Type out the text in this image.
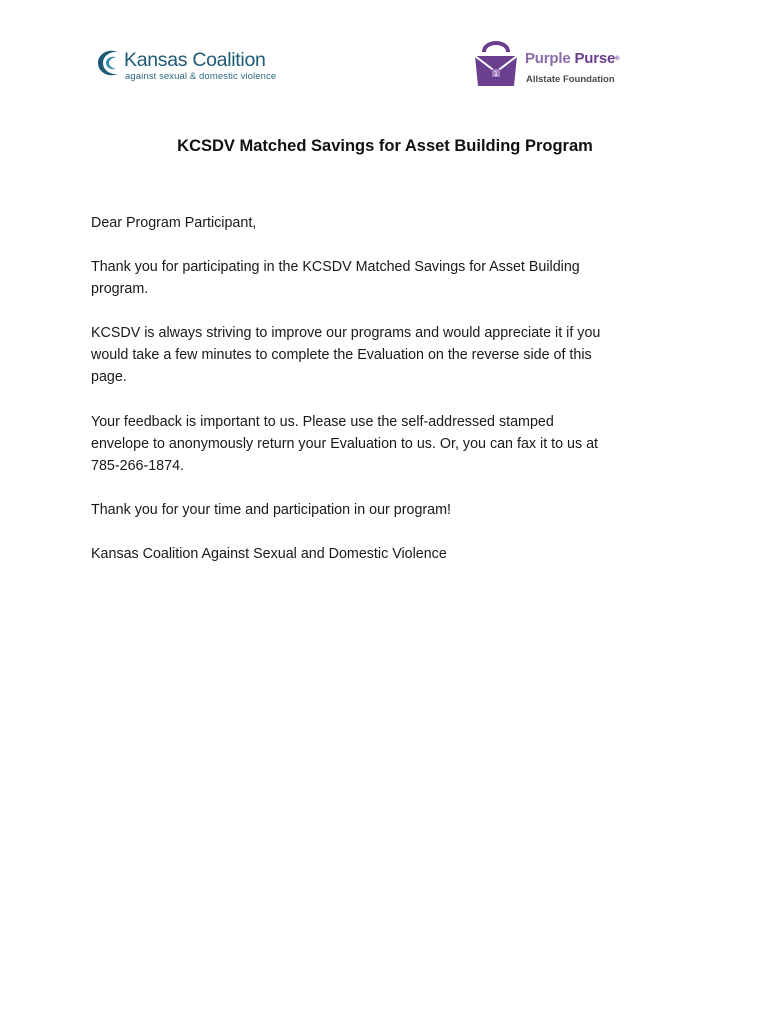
Kansas Coalition
against sexual & domestic violence	1
Purple Purse®
Allstate Foundation
KCSDV Matched Savings for Asset Building Program
Dear Program Participant,
Thank you for participating in the KCSDV Matched Savings for Asset Building
program.
KCSDV is always striving to improve our programs and would appreciate it if you
would take a few minutes to complete the Evaluation on the reverse side of this
page.
Your feedback is important to us. Please use the self-addressed stamped
envelope to anonymously return your Evaluation to us. Or, you can fax it to us at
785-266-1874.
Thank you for your time and participation in our program!
Kansas Coalition Against Sexual and Domestic Violence
